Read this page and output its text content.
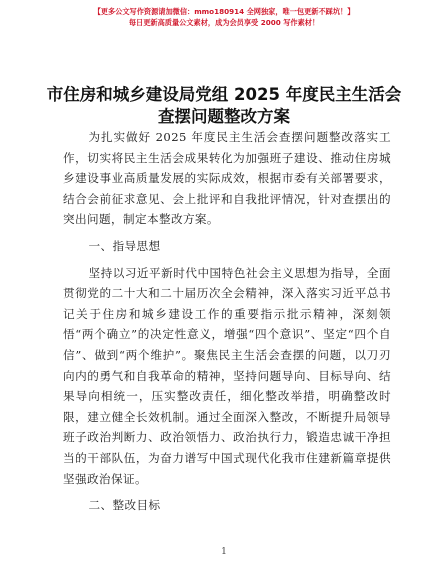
【更多公文写作资源请加微信：mmo180914 全网独家，唯一包更新不踩坑！】
每日更新高质量公文素材，成为会员享受 2000 写作素材！
市住房和城乡建设局党组 2025 年度民主生活会
查摆问题整改方案

为扎实做好 2025 年度民主生活会查摆问题整改落实工作，切实将民主生活会成果转化为加强班子建设、推动住房城乡建设事业高质量发展的实际成效，根据市委有关部署要求，结合会前征求意见、会上批评和自我批评情况，针对查摆出的突出问题，制定本整改方案。

一、指导思想

坚持以习近平新时代中国特色社会主义思想为指导，全面贯彻党的二十大和二十届历次全会精神，深入落实习近平总书记关于住房和城乡建设工作的重要指示批示精神，深刻领悟“两个确立”的决定性意义，增强“四个意识”、坚定“四个自信”、做到“两个维护”。聚焦民主生活会查摆的问题，以刀刃向内的勇气和自我革命的精神，坚持问题导向、目标导向、结果导向相统一，压实整改责任，细化整改举措，明确整改时限，建立健全长效机制。通过全面深入整改，不断提升局领导班子政治判断力、政治领悟力、政治执行力，锻造忠诚干净担当的干部队伍，为奋力谱写中国式现代化我市住建新篇章提供坚强政治保证。

二、整改目标

1
